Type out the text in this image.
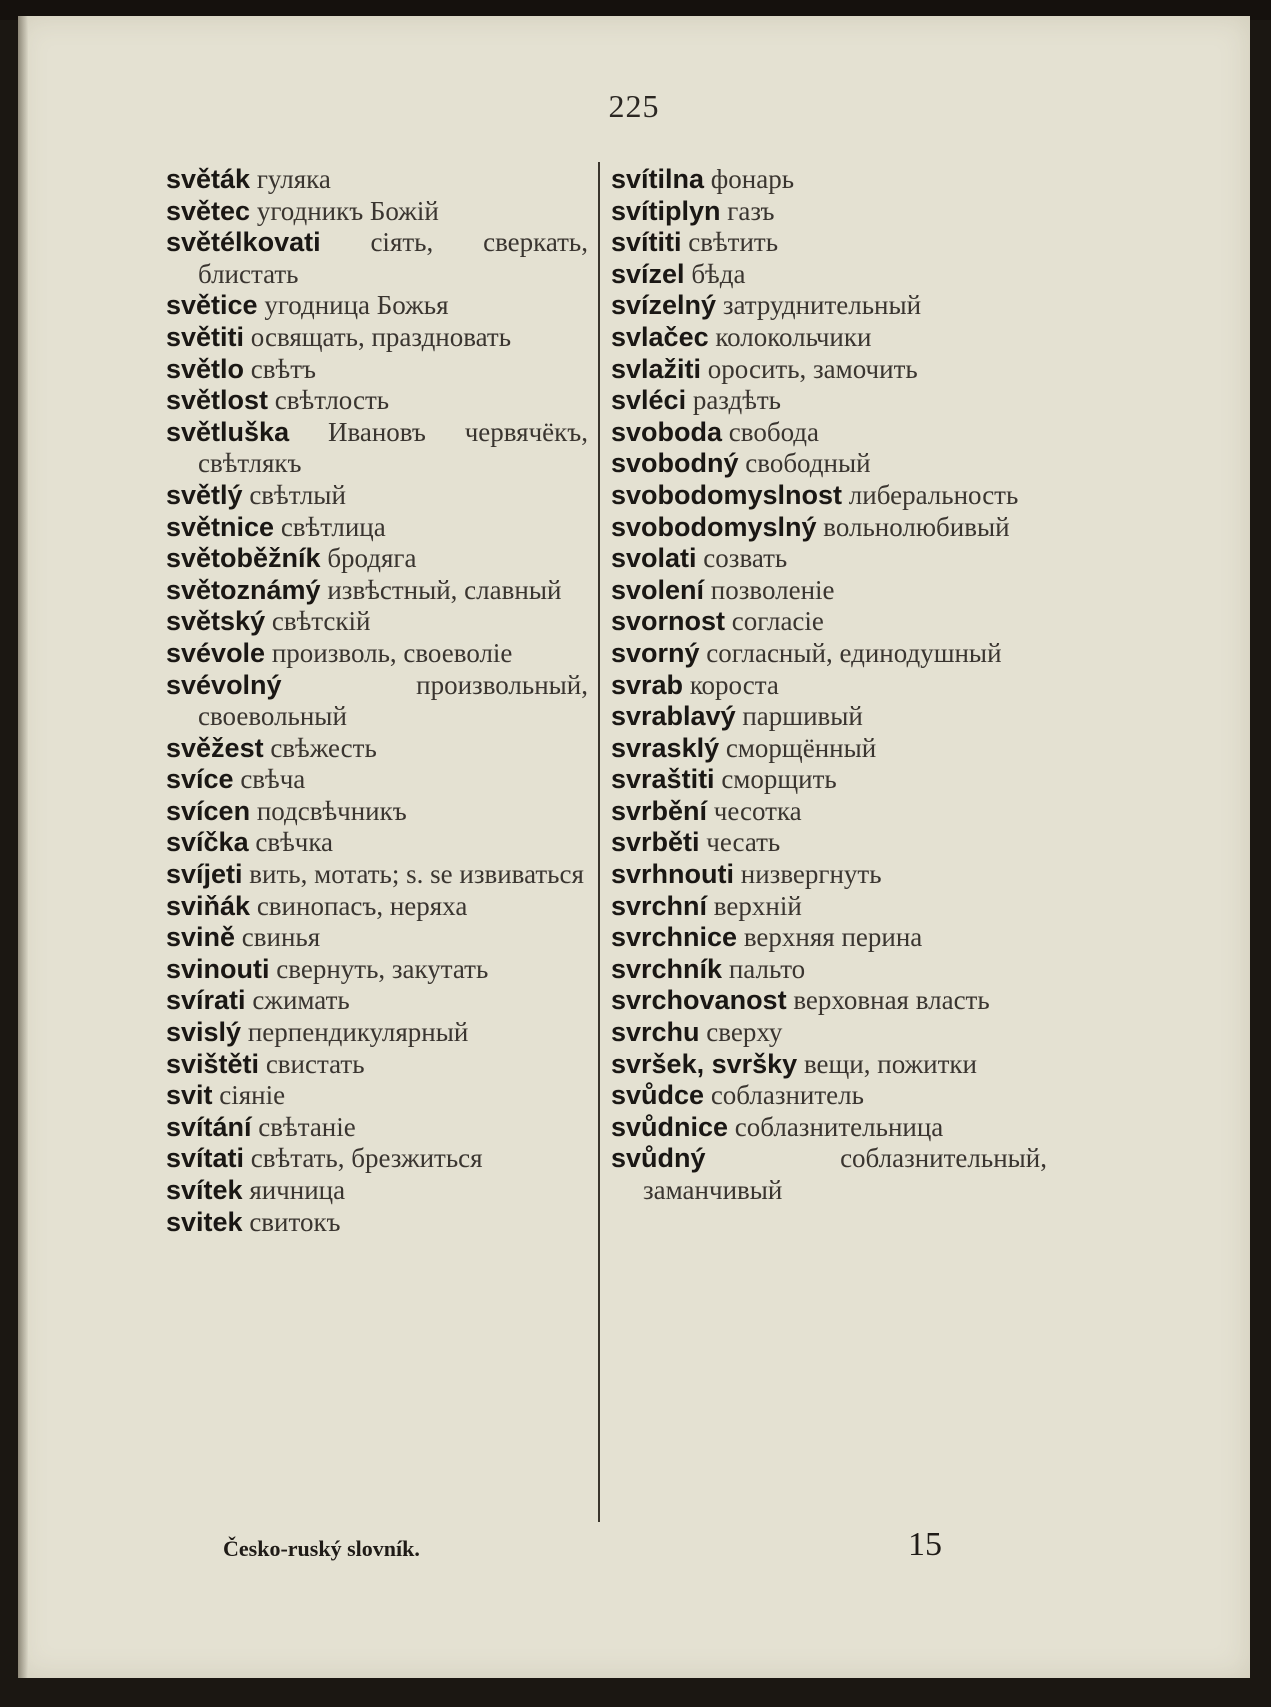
225
světák гуляка
světec угодникъ Божій
světélkovati сіять, сверкать, блистать
světice угодница Божья
světiti освящать, праздновать
světlo свѣтъ
světlost свѣтлость
světluška Ивановъ червячёкъ, свѣтлякъ
světlý свѣтлый
světnice свѣтлица
světoběžník бродяга
světoznámý извѣстный, славный
světský свѣтскій
svévole произволь, своеволіе
svévolný	произвольный, своевольный
svěžest свѣжесть
svíce свѣча
svícen подсвѣчникъ
svíčka свѣчка
svíjeti вить, мотать; s. se извиваться
sviňák свинопасъ, неряха
svině свинья
svinouti свернуть, закутать
svírati сжимать
svislý перпендикулярный
svištěti свистать
svit сіяніе
svítání свѣтаніе
svítati свѣтать, брезжиться
svítek яичница
svitek свитокъ
svítilna фонарь
svítiplyn газъ
svítiti свѣтить
svízel бѣда
svízelný затруднительный
svlačec колокольчики
svlažiti оросить, замочить
svléci раздѣть
svoboda свобода
svobodný свободный
svobodomyslnost либеральность
svobodomyslný вольнолюбивый
svolati созвать
svolení позволеніе
svornost согласіе
svorný согласный, единодушный
svrab короста
svrablavý паршивый
svrasklý сморщённый
svraštiti сморщить
svrbění чесотка
svrběti чесать
svrhnouti низвергнуть
svrchní верхній
svrchnice верхняя перина
svrchník пальто
svrchovanost верховная власть
svrchu сверху
svršek, svršky вещи, пожитки
svůdce соблазнитель
svůdnice соблазнительница
svůdný	соблазнительный, заманчивый
Česko-ruský slovník.	15
